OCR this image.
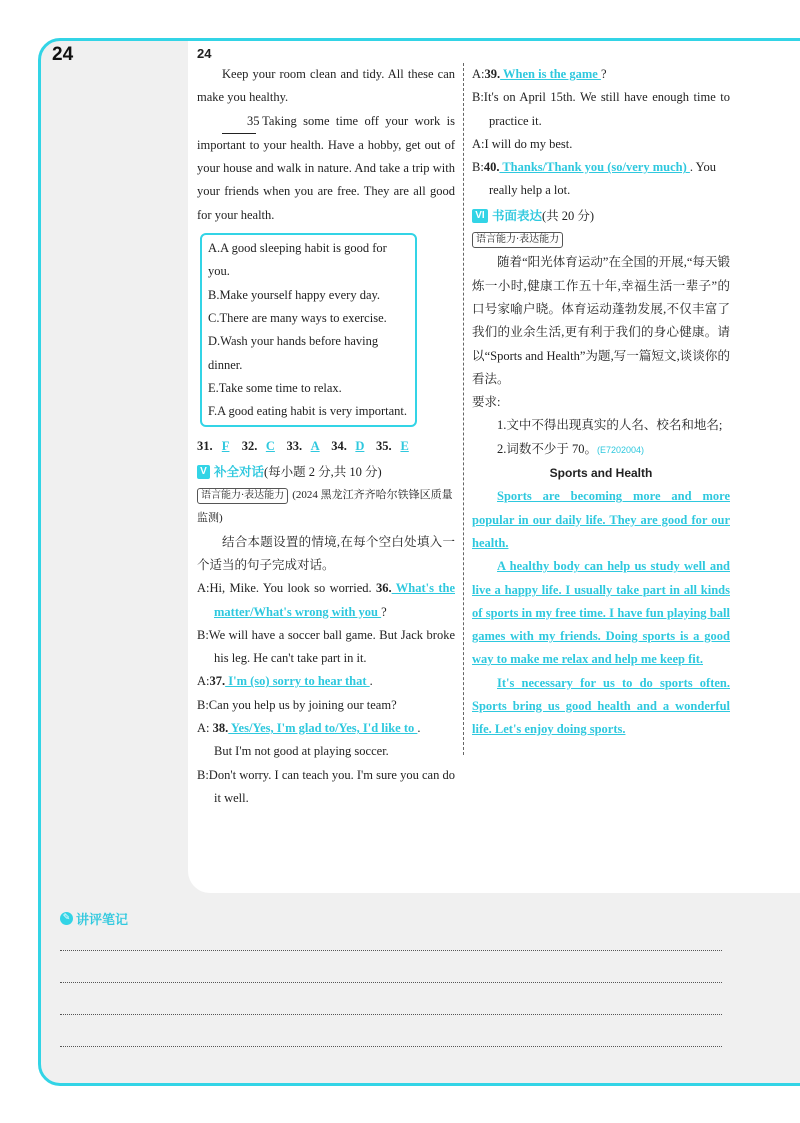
24	24

Keep your room clean and tidy. All these can make you healthy.

35 Taking some time off your work is important to your health. Have a hobby, get out of your house and walk in nature. And take a trip with your friends when you are free. They are all good for your health.

A.A good sleeping habit is good for you.

B.Make yourself happy every day.

C.There are many ways to exercise.

D.Wash your hands before having dinner.

E.Take some time to relax.

F.A good eating habit is very important.

31. F 32. C 33. A 34. D 35. E

V 补全对话 (每小题 2 分,共 10 分)

语言能力·表达能力 (2024 黑龙江齐齐哈尔铁锋区质量监测)

结合本题设置的情境,在每个空白处填入一个适当的句子完成对话。

A:Hi, Mike. You look so worried. 36. What's the matter/What's wrong with you ?

B:We will have a soccer ball game. But Jack broke his leg. He can't take part in it.

A:37. I'm (so) sorry to hear that .

B:Can you help us by joining our team?

A: 38. Yes/Yes, I'm glad to/Yes, I'd like to .
But I'm not good at playing soccer.

B:Don't worry. I can teach you. I'm sure you can do it well.

A:39. When is the game ?

B:It's on April 15th. We still have enough time to practice it.

A:I will do my best.

B:40. Thanks/Thank you (so/very much) . You really help a lot.

VI 书面表达 (共 20 分)

语言能力·表达能力

随着“阳光体育运动”在全国的开展,“每天锻炼一小时,健康工作五十年,幸福生活一辈子”的口号家喻户晓。体育运动蓬勃发展,不仅丰富了我们的业余生活,更有利于我们的身心健康。请以“Sports and Health”为题,写一篇短文,谈谈你的看法。

要求:

1.文中不得出现真实的人名、校名和地名;

2.词数不少于 70。(E7202004)

Sports and Health

Sports are becoming more and more popular in our daily life. They are good for our health.

A healthy body can help us study well and live a happy life. I usually take part in all kinds of sports in my free time. I have fun playing ball games with my friends. Doing sports is a good way to make me relax and help me keep fit.

It's necessary for us to do sports often. Sports bring us good health and a wonderful life. Let's enjoy doing sports.

✎ 讲评笔记
